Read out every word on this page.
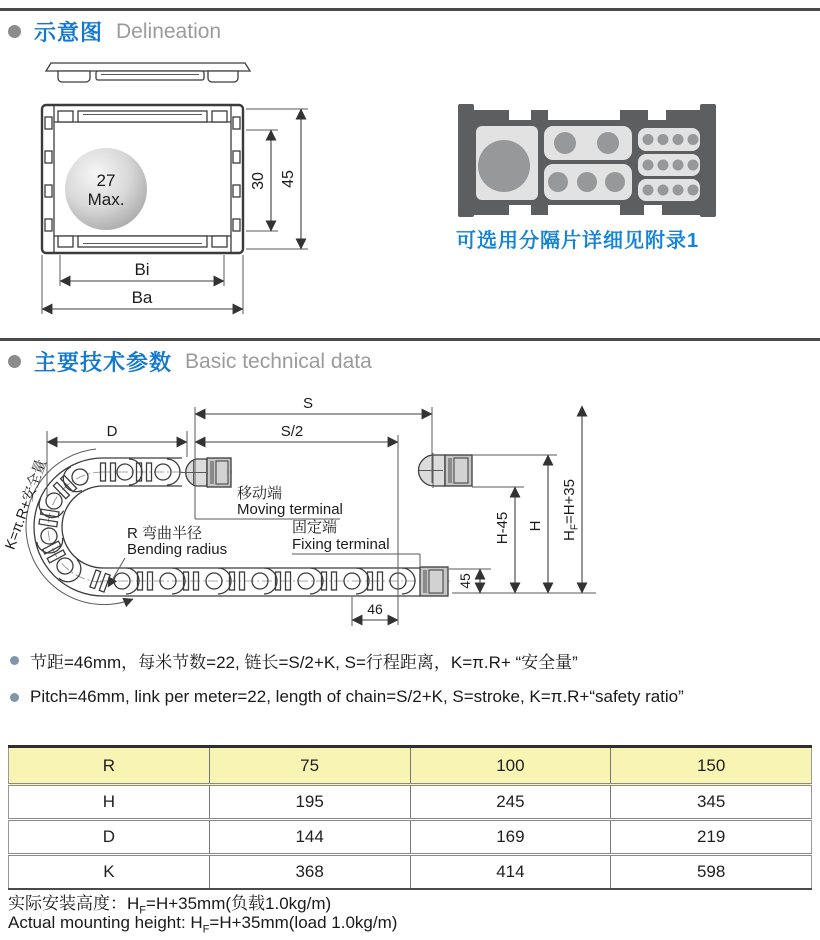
示意图 Delineation
27
Max.
30 45
Bi
Ba
可选用分隔片详细见附录1
主要技术参数 Basic technical data
K=π.R+安全量
S
S/2
D
移动端
Moving terminal
R 弯曲半径
Bending radius
固定端
Fixing terminal
H-45 H
$H_F=H+35$
45
46
节距=46mm，每米节数=22, 链长=S/2+K, S=行程距离，K=π.R+ “安全量”
Pitch=46mm, link per meter=22, length of chain=S/2+K, S=stroke, K=π.R+“safety ratio”
R	75	100	150
H	195	245	345
D	144	169	219
K	368	414	598
实际安装高度：$H_F=H+35mm$(负载1.0kg/m)
Actual mounting height: $H_F=H+35mm(load$ 1.0kg/m)
